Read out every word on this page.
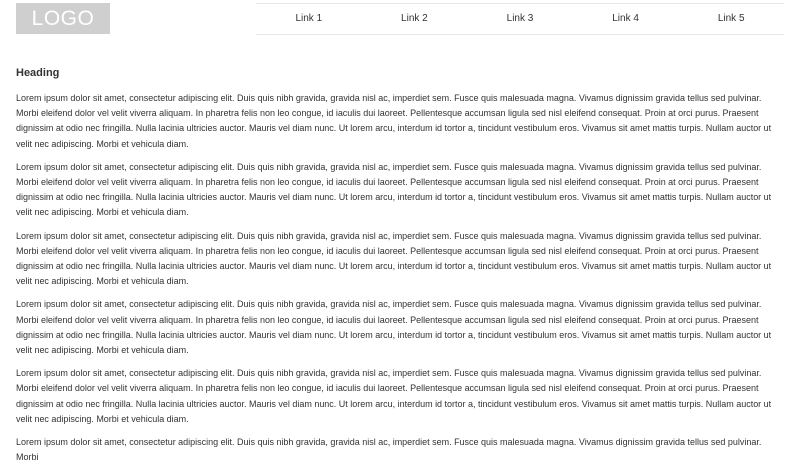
LOGO	Link 1	Link 2	Link 3	Link 4	Link 5
Heading

Lorem ipsum dolor sit amet, consectetur adipiscing elit. Duis quis nibh gravida, gravida nisl ac, imperdiet sem. Fusce quis malesuada magna. Vivamus dignissim gravida tellus sed pulvinar. Morbi eleifend dolor vel velit viverra aliquam. In pharetra felis non leo congue, id iaculis dui laoreet. Pellentesque accumsan ligula sed nisl eleifend consequat. Proin at orci purus. Praesent dignissim at odio nec fringilla. Nulla lacinia ultricies auctor. Mauris vel diam nunc. Ut lorem arcu, interdum id tortor a, tincidunt vestibulum eros. Vivamus sit amet mattis turpis. Nullam auctor ut velit nec adipiscing. Morbi et vehicula diam.

Lorem ipsum dolor sit amet, consectetur adipiscing elit. Duis quis nibh gravida, gravida nisl ac, imperdiet sem. Fusce quis malesuada magna. Vivamus dignissim gravida tellus sed pulvinar. Morbi eleifend dolor vel velit viverra aliquam. In pharetra felis non leo congue, id iaculis dui laoreet. Pellentesque accumsan ligula sed nisl eleifend consequat. Proin at orci purus. Praesent dignissim at odio nec fringilla. Nulla lacinia ultricies auctor. Mauris vel diam nunc. Ut lorem arcu, interdum id tortor a, tincidunt vestibulum eros. Vivamus sit amet mattis turpis. Nullam auctor ut velit nec adipiscing. Morbi et vehicula diam.

Lorem ipsum dolor sit amet, consectetur adipiscing elit. Duis quis nibh gravida, gravida nisl ac, imperdiet sem. Fusce quis malesuada magna. Vivamus dignissim gravida tellus sed pulvinar. Morbi eleifend dolor vel velit viverra aliquam. In pharetra felis non leo congue, id iaculis dui laoreet. Pellentesque accumsan ligula sed nisl eleifend consequat. Proin at orci purus. Praesent dignissim at odio nec fringilla. Nulla lacinia ultricies auctor. Mauris vel diam nunc. Ut lorem arcu, interdum id tortor a, tincidunt vestibulum eros. Vivamus sit amet mattis turpis. Nullam auctor ut velit nec adipiscing. Morbi et vehicula diam.

Lorem ipsum dolor sit amet, consectetur adipiscing elit. Duis quis nibh gravida, gravida nisl ac, imperdiet sem. Fusce quis malesuada magna. Vivamus dignissim gravida tellus sed pulvinar. Morbi eleifend dolor vel velit viverra aliquam. In pharetra felis non leo congue, id iaculis dui laoreet. Pellentesque accumsan ligula sed nisl eleifend consequat. Proin at orci purus. Praesent dignissim at odio nec fringilla. Nulla lacinia ultricies auctor. Mauris vel diam nunc. Ut lorem arcu, interdum id tortor a, tincidunt vestibulum eros. Vivamus sit amet mattis turpis. Nullam auctor ut velit nec adipiscing. Morbi et vehicula diam.

Lorem ipsum dolor sit amet, consectetur adipiscing elit. Duis quis nibh gravida, gravida nisl ac, imperdiet sem. Fusce quis malesuada magna. Vivamus dignissim gravida tellus sed pulvinar. Morbi eleifend dolor vel velit viverra aliquam. In pharetra felis non leo congue, id iaculis dui laoreet. Pellentesque accumsan ligula sed nisl eleifend consequat. Proin at orci purus. Praesent dignissim at odio nec fringilla. Nulla lacinia ultricies auctor. Mauris vel diam nunc. Ut lorem arcu, interdum id tortor a, tincidunt vestibulum eros. Vivamus sit amet mattis turpis. Nullam auctor ut velit nec adipiscing. Morbi et vehicula diam.

Lorem ipsum dolor sit amet, consectetur adipiscing elit. Duis quis nibh gravida, gravida nisl ac, imperdiet sem. Fusce quis malesuada magna. Vivamus dignissim gravida tellus sed pulvinar. Morbi
